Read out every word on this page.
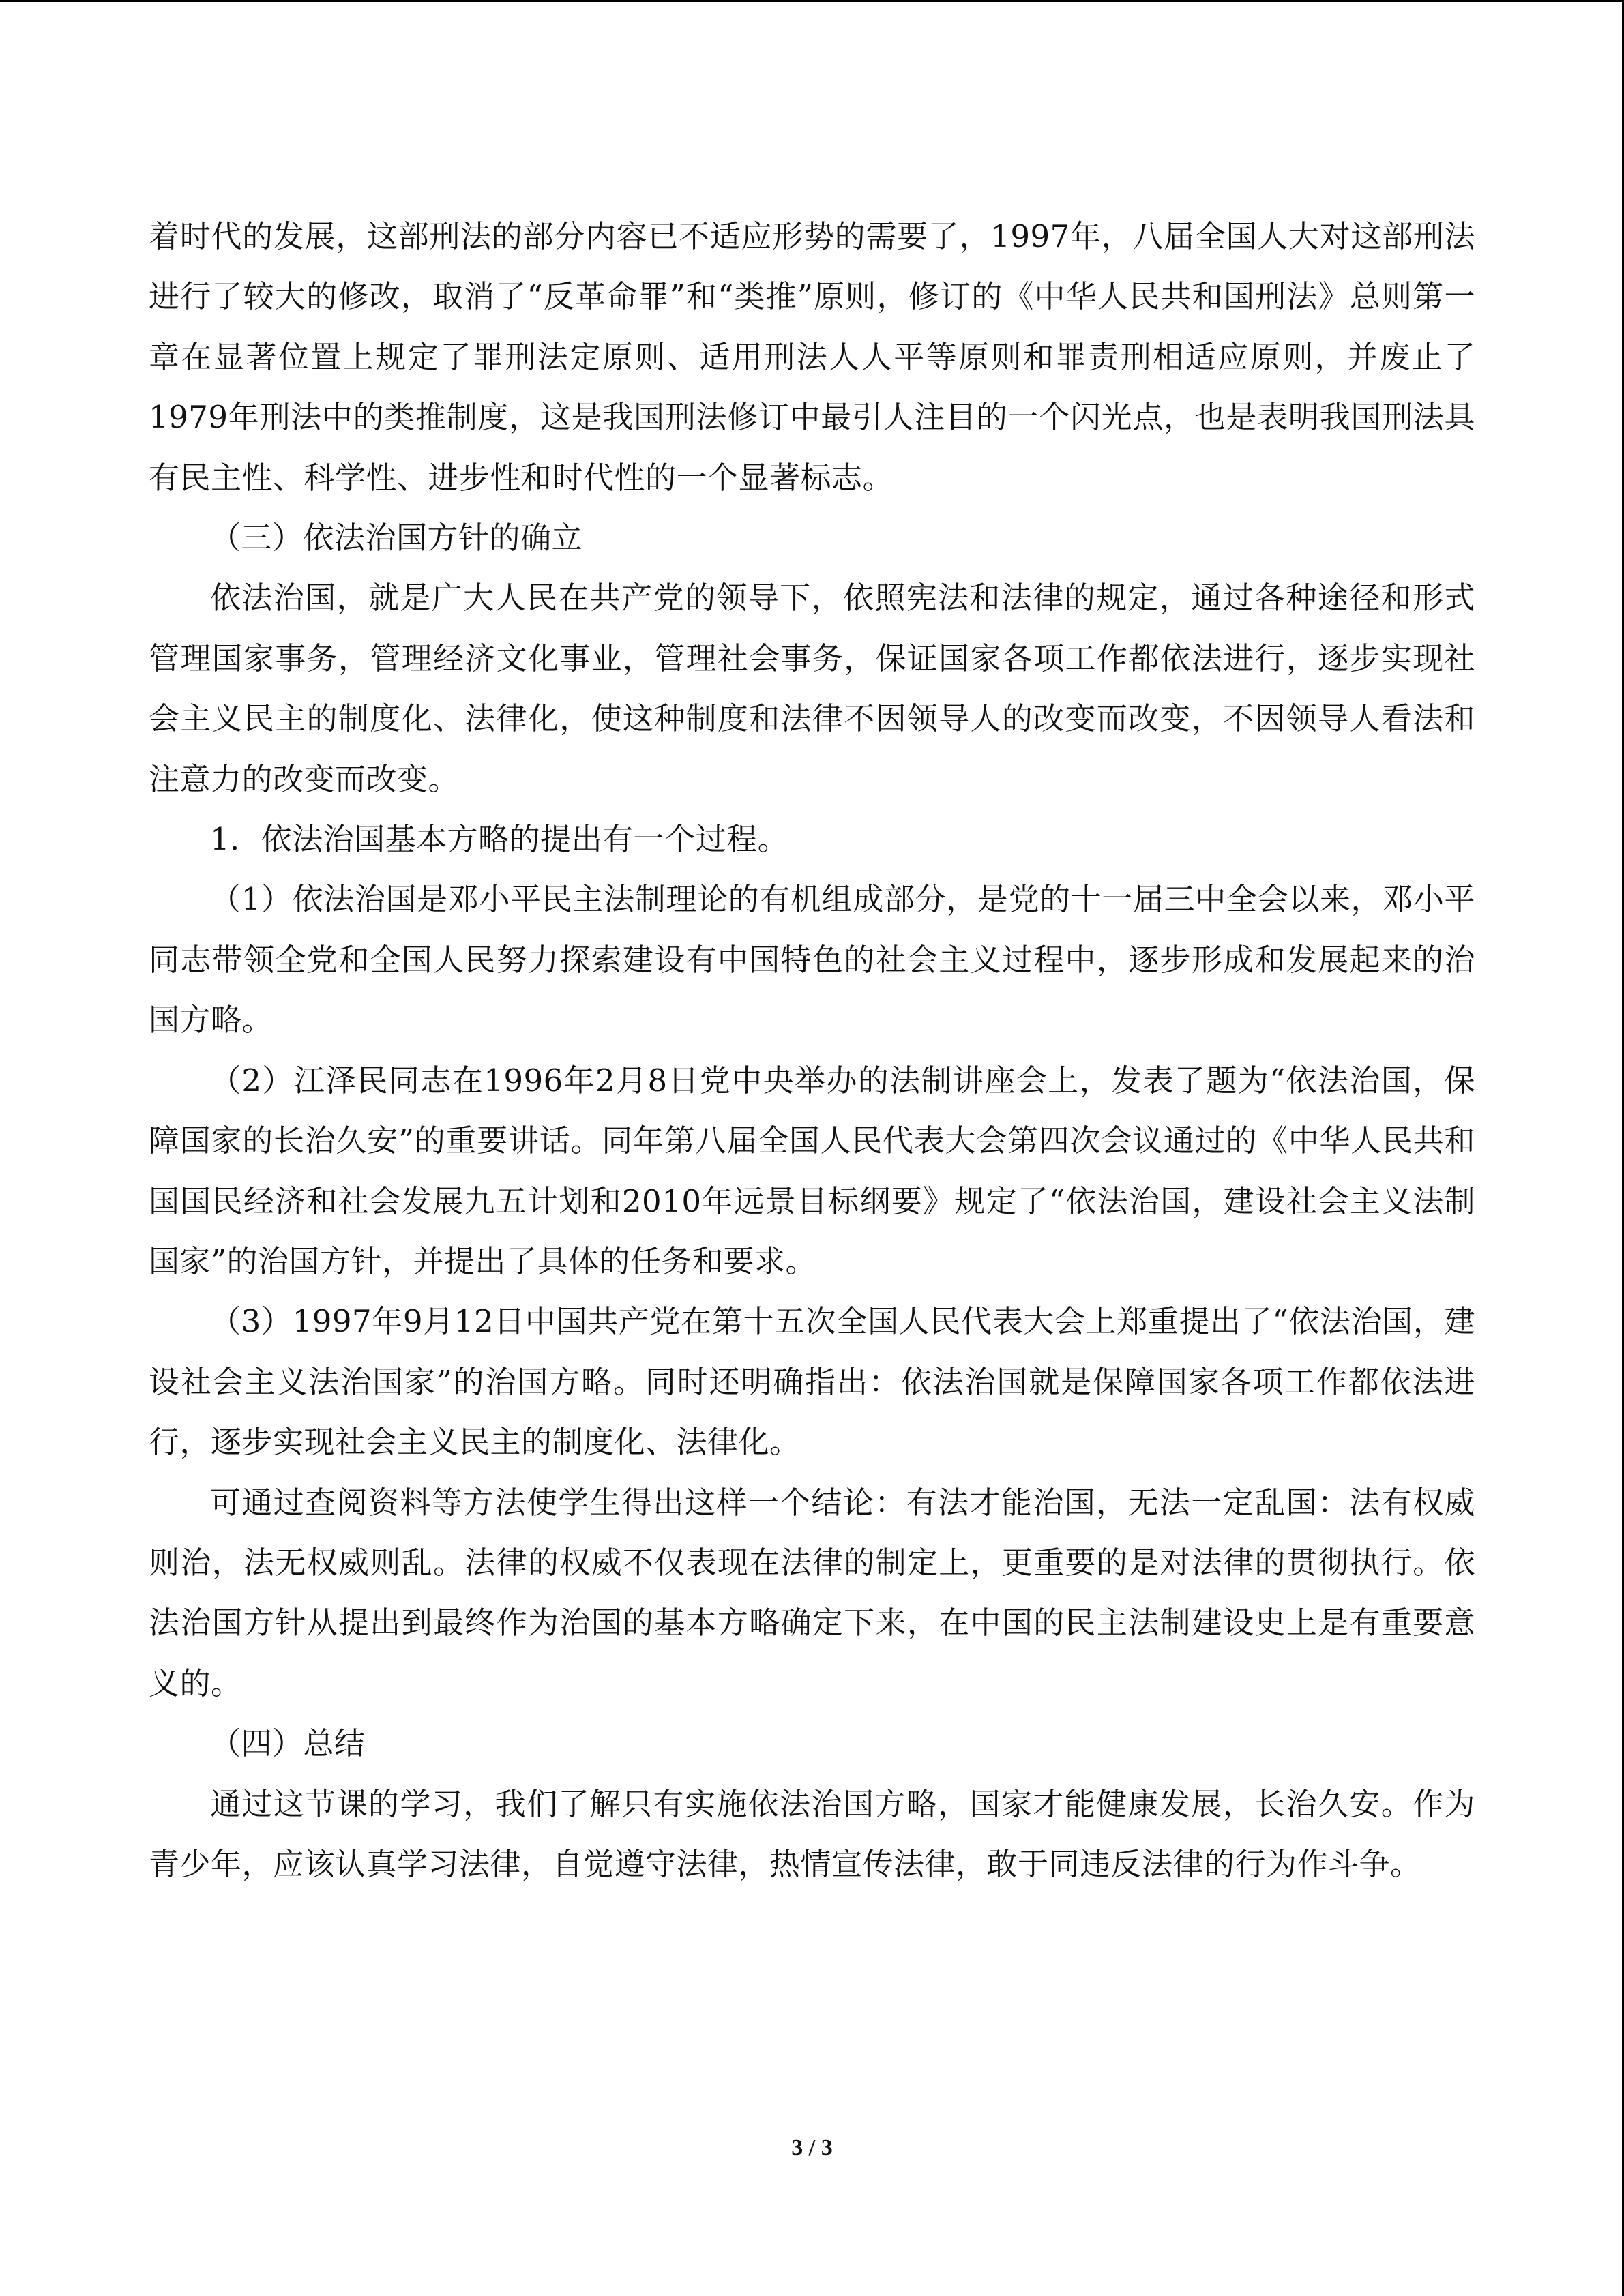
着时代的发展，这部刑法的部分内容已不适应形势的需要了，1997年，八届全国人大对这部刑法进行了较大的修改，取消了“反革命罪”和“类推”原则，修订的《中华人民共和国刑法》总则第一章在显著位置上规定了罪刑法定原则、适用刑法人人平等原则和罪责刑相适应原则，并废止了1979年刑法中的类推制度，这是我国刑法修订中最引人注目的一个闪光点，也是表明我国刑法具有民主性、科学性、进步性和时代性的一个显著标志。

（三）依法治国方针的确立

依法治国，就是广大人民在共产党的领导下，依照宪法和法律的规定，通过各种途径和形式管理国家事务，管理经济文化事业，管理社会事务，保证国家各项工作都依法进行，逐步实现社会主义民主的制度化、法律化，使这种制度和法律不因领导人的改变而改变，不因领导人看法和注意力的改变而改变。

1．依法治国基本方略的提出有一个过程。

（1）依法治国是邓小平民主法制理论的有机组成部分，是党的十一届三中全会以来，邓小平同志带领全党和全国人民努力探索建设有中国特色的社会主义过程中，逐步形成和发展起来的治国方略。

（2）江泽民同志在1996年2月8日党中央举办的法制讲座会上，发表了题为“依法治国，保障国家的长治久安”的重要讲话。同年第八届全国人民代表大会第四次会议通过的《中华人民共和国国民经济和社会发展九五计划和2010年远景目标纲要》规定了“依法治国，建设社会主义法制国家”的治国方针，并提出了具体的任务和要求。

（3）1997年9月12日中国共产党在第十五次全国人民代表大会上郑重提出了“依法治国，建设社会主义法治国家”的治国方略。同时还明确指出：依法治国就是保障国家各项工作都依法进行，逐步实现社会主义民主的制度化、法律化。

可通过查阅资料等方法使学生得出这样一个结论：有法才能治国，无法一定乱国：法有权威则治，法无权威则乱。法律的权威不仅表现在法律的制定上，更重要的是对法律的贯彻执行。依法治国方针从提出到最终作为治国的基本方略确定下来，在中国的民主法制建设史上是有重要意义的。

（四）总结

通过这节课的学习，我们了解只有实施依法治国方略，国家才能健康发展，长治久安。作为青少年，应该认真学习法律，自觉遵守法律，热情宣传法律，敢于同违反法律的行为作斗争。

3 / 3
